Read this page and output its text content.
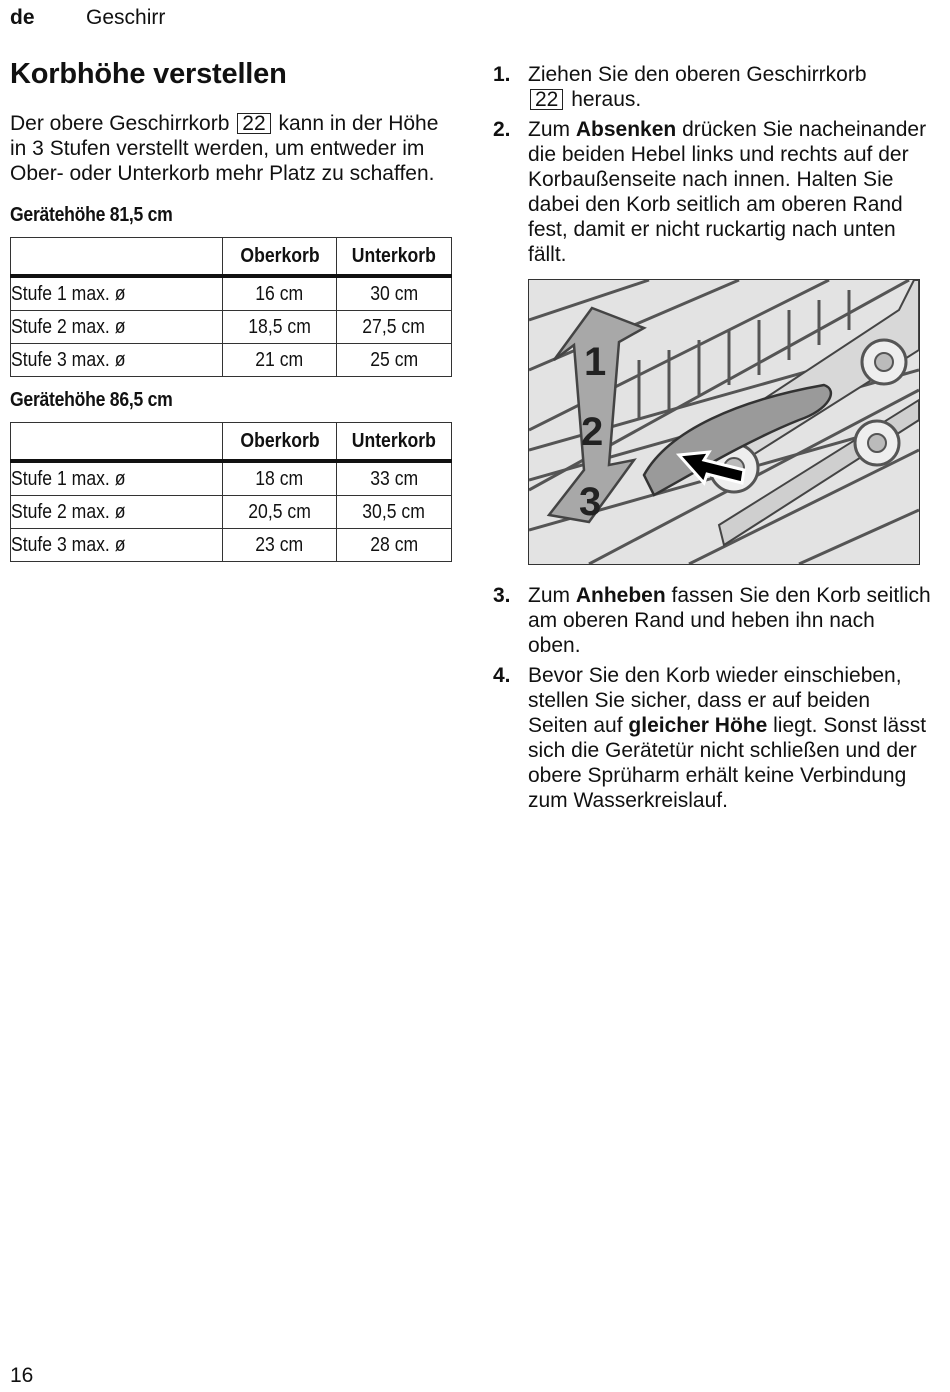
de Geschirr
Korbhöhe verstellen

Der obere Geschirrkorb 22 kann in der Höhe in 3 Stufen verstellt werden, um entweder im Ober- oder Unterkorb mehr Platz zu schaffen.

Gerätehöhe 81,5 cm
	Oberkorb	Unterkorb
Stufe 1 max. ø	16 cm	30 cm
Stufe 2 max. ø	18,5 cm	27,5 cm
Stufe 3 max. ø	21 cm	25 cm
Gerätehöhe 86,5 cm
	Oberkorb	Unterkorb
Stufe 1 max. ø	18 cm	33 cm
Stufe 2 max. ø	20,5 cm	30,5 cm
Stufe 3 max. ø	23 cm	28 cm
1. Ziehen Sie den oberen Geschirrkorb
22 heraus.
2. Zum Absenken drücken Sie nacheinander die beiden Hebel links und rechts auf der Korbaußenseite nach innen. Halten Sie dabei den Korb seitlich am oberen Rand fest, damit er nicht ruckartig nach unten fällt.
1
2
3
3. Zum Anheben fassen Sie den Korb seitlich am oberen Rand und heben ihn nach oben.
4. Bevor Sie den Korb wieder einschieben, stellen Sie sicher, dass er auf beiden Seiten auf gleicher Höhe liegt. Sonst lässt sich die Gerätetür nicht schließen und der obere Sprüharm erhält keine Verbindung zum Wasserkreislauf.
16
